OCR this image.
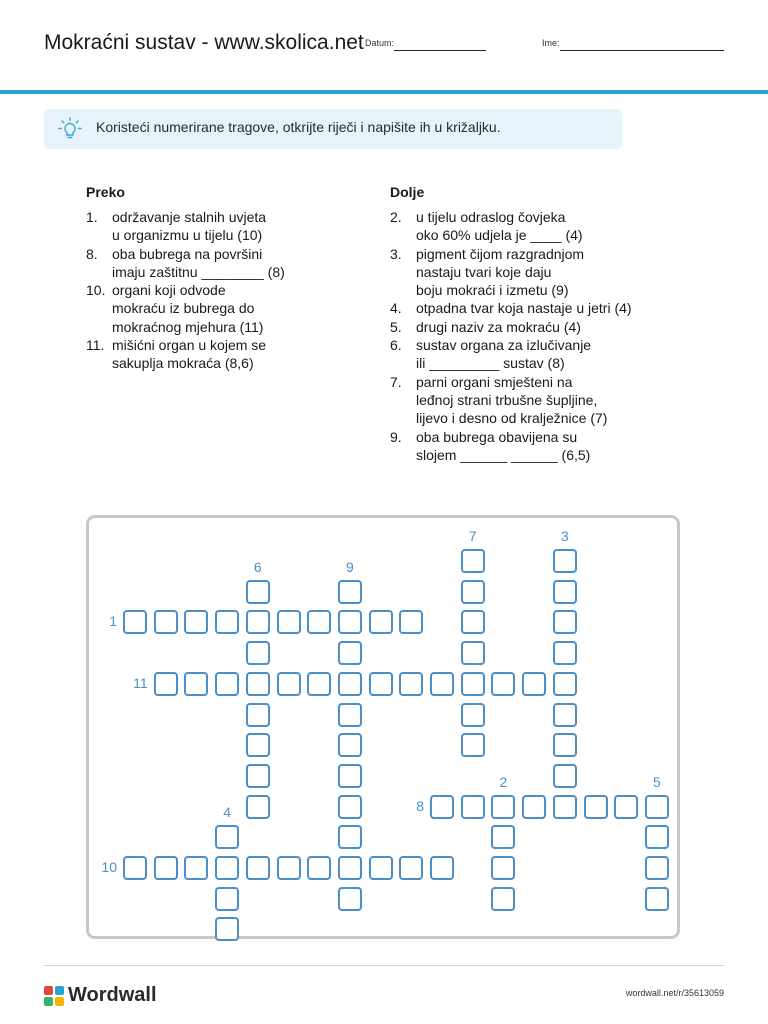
Mokraćni sustav - www.skolica.net Datum:	Ime:
Koristeći numerirane tragove, otkrijte riječi i napišite ih u križaljku.
Preko
1.	održavanje stalnih uvjeta
u organizmu u tijelu (10)
8.	oba bubrega na površini
imaju zaštitnu ________ (8)
10. organi koji odvode
mokraću iz bubrega do
mokraćnog mjehura (11)
11. mišićni organ u kojem se
sakuplja mokraća (8,6)
Dolje
2.	u tijelu odraslog čovjeka
oko 60% udjela je ____ (4)
3.	pigment čijom razgradnjom
nastaju tvari koje daju
boju mokraći i izmetu (9)
4.	otpadna tvar koja nastaje u jetri (4)
5.	drugi naziv za mokraću (4)
6.	sustav organa za izlučivanje
ili _________ sustav (8)
7.	parni organi smješteni na
leđnoj strani trbušne šupljine,
lijevo i desno od kralježnice (7)
9.	oba bubrega obavijena su
slojem ______ ______ (6,5)
1
11
8
10
2
3
4
5
6
7
9
Wordwall	wordwall.net/r/35613059
